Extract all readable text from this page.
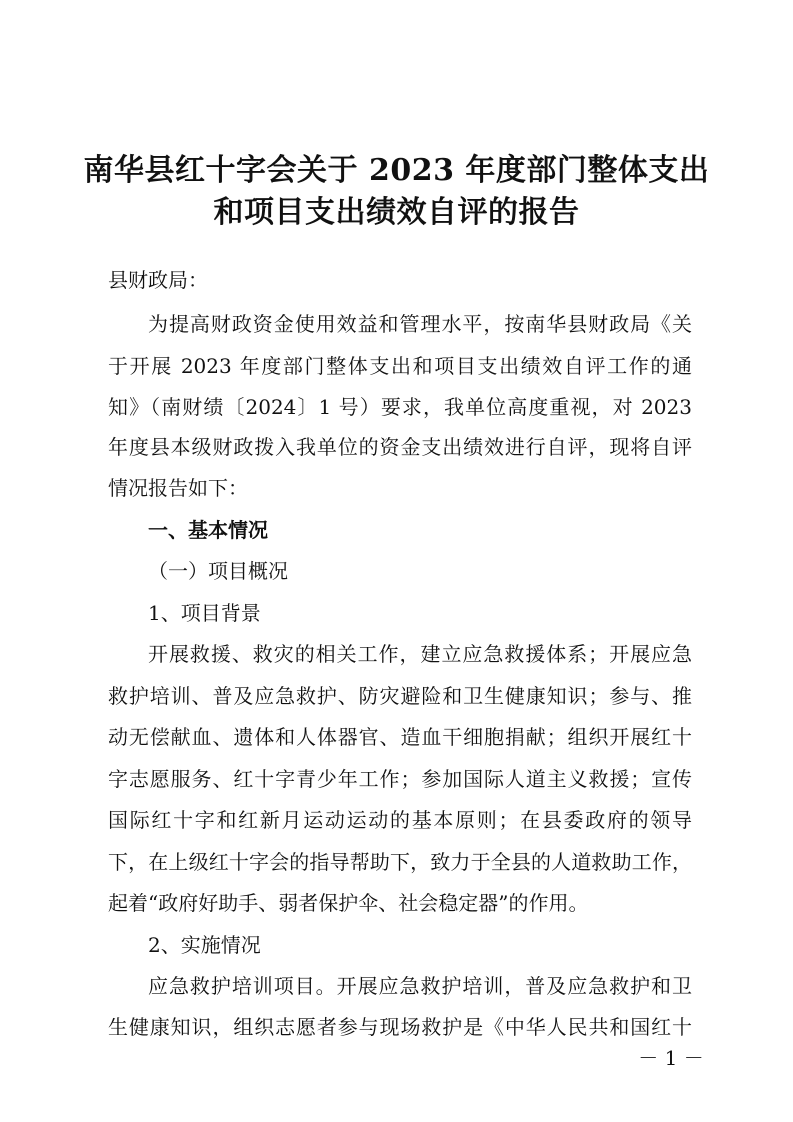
南华县红十字会关于 2023 年度部门整体支出
和项目支出绩效自评的报告
县财政局：
为提高财政资金使用效益和管理水平，按南华县财政局《关
于开展 2023 年度部门整体支出和项目支出绩效自评工作的通
知》（南财绩〔2024〕1 号）要求，我单位高度重视，对 2023
年度县本级财政拨入我单位的资金支出绩效进行自评，现将自评
情况报告如下：
一、基本情况
（一）项目概况
1、项目背景
开展救援、救灾的相关工作，建立应急救援体系；开展应急
救护培训、普及应急救护、防灾避险和卫生健康知识；参与、推
动无偿献血、遗体和人体器官、造血干细胞捐献；组织开展红十
字志愿服务、红十字青少年工作；参加国际人道主义救援；宣传
国际红十字和红新月运动运动的基本原则；在县委政府的领导
下，在上级红十字会的指导帮助下，致力于全县的人道救助工作，
起着“政府好助手、弱者保护伞、社会稳定器”的作用。
2、实施情况
应急救护培训项目。开展应急救护培训，普及应急救护和卫
生健康知识，组织志愿者参与现场救护是《中华人民共和国红十
－ 1 －
